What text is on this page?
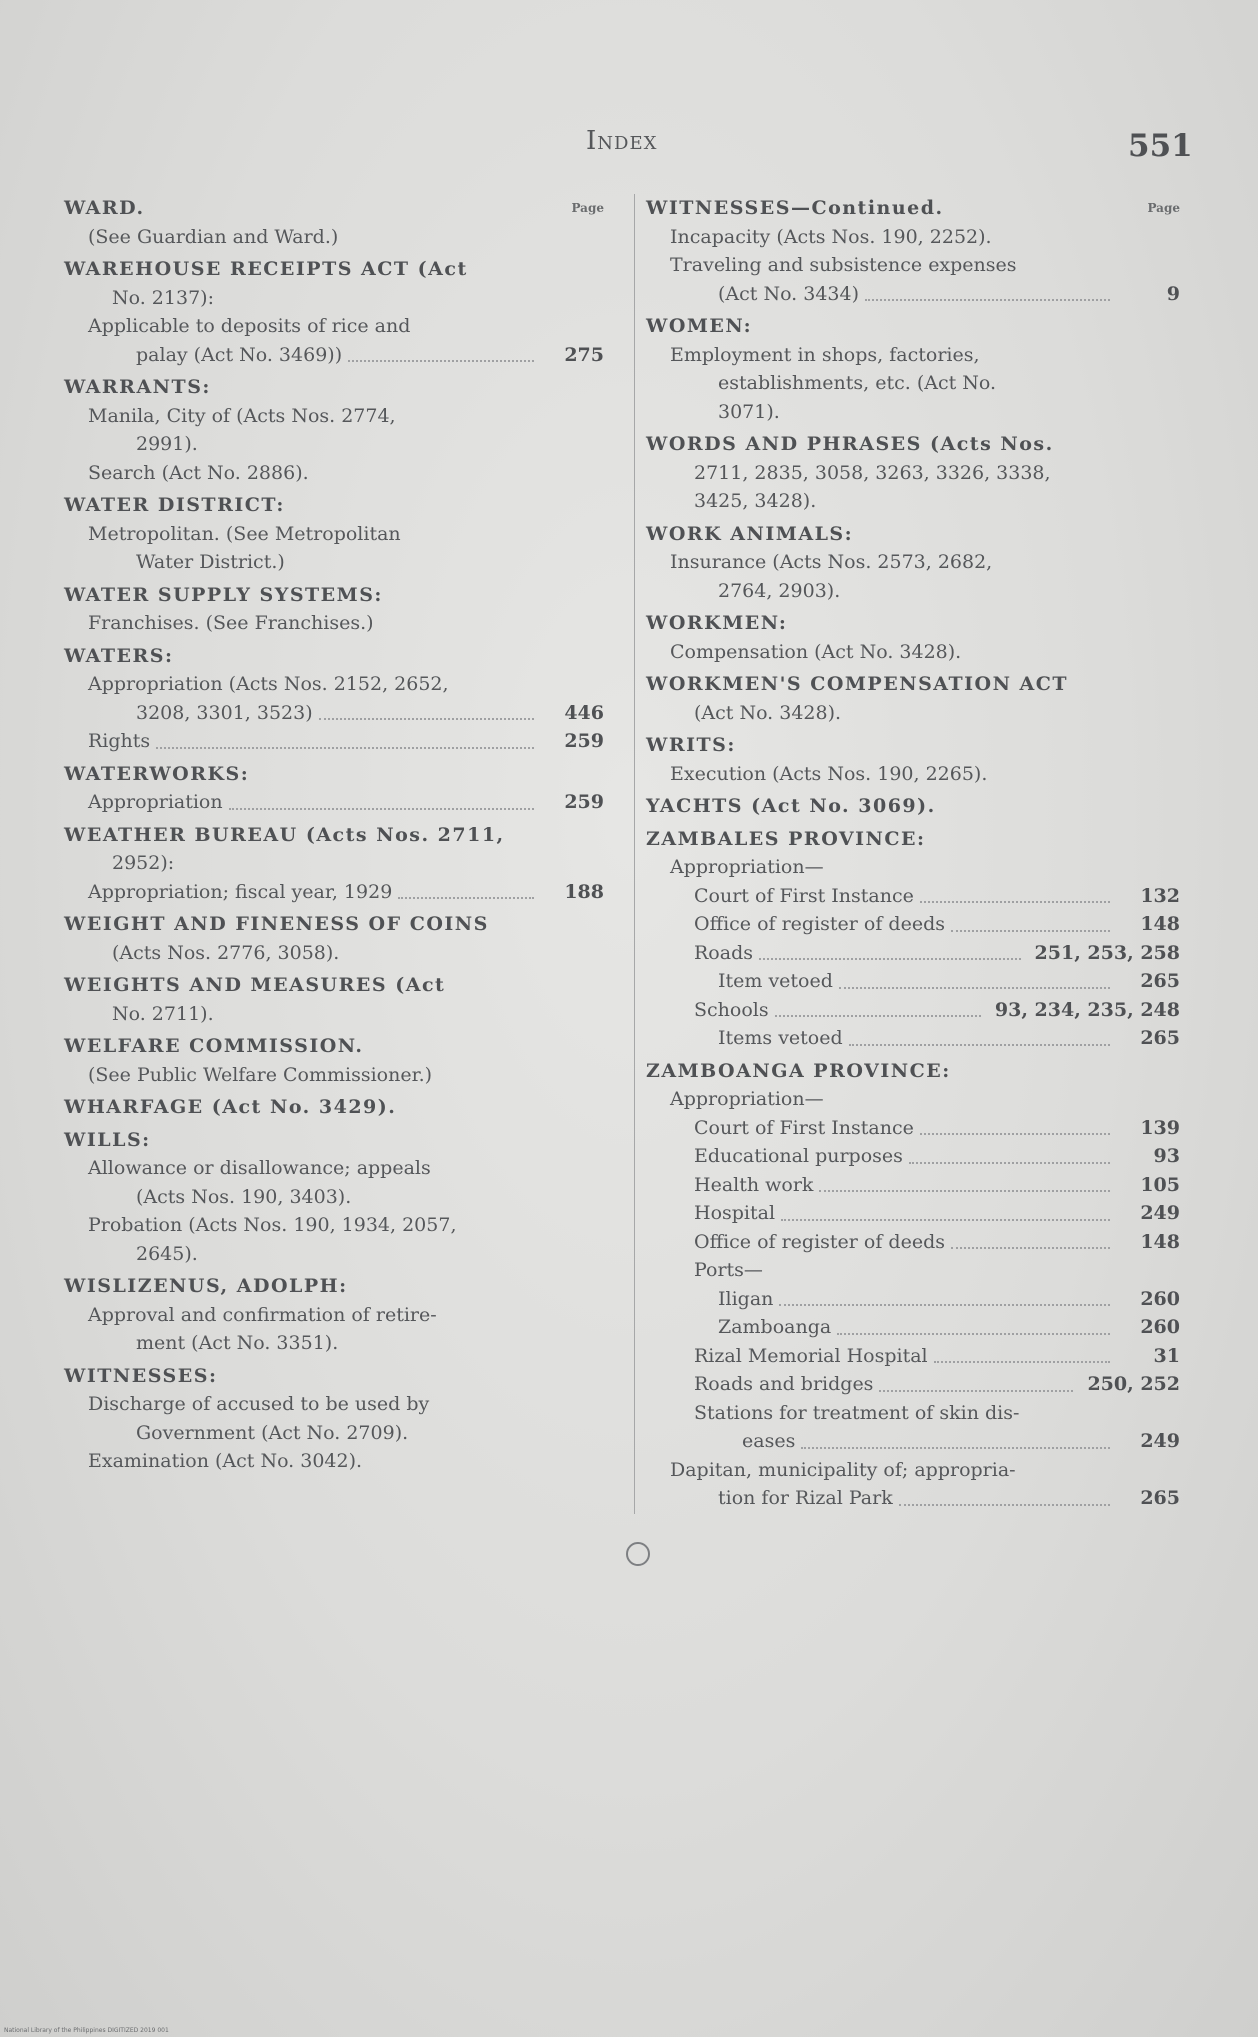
Index	551
Page
WARD.
(See Guardian and Ward.)
WAREHOUSE RECEIPTS ACT (Act
No. 2137):
Applicable to deposits of rice and
palay (Act No. 3469))	275
WARRANTS:
Manila, City of (Acts Nos. 2774,
2991).
Search (Act No. 2886).
WATER DISTRICT:
Metropolitan. (See Metropolitan
Water District.)
WATER SUPPLY SYSTEMS:
Franchises. (See Franchises.)
WATERS:
Appropriation (Acts Nos. 2152, 2652,
3208, 3301, 3523)	446
Rights	259
WATERWORKS:
Appropriation	259
WEATHER BUREAU (Acts Nos. 2711,
2952):
Appropriation; fiscal year, 1929	188
WEIGHT AND FINENESS OF COINS
(Acts Nos. 2776, 3058).
WEIGHTS AND MEASURES (Act
No. 2711).
WELFARE COMMISSION.
(See Public Welfare Commissioner.)
WHARFAGE (Act No. 3429).
WILLS:
Allowance or disallowance; appeals
(Acts Nos. 190, 3403).
Probation (Acts Nos. 190, 1934, 2057,
2645).
WISLIZENUS, ADOLPH:
Approval and confirmation of retire-
ment (Act No. 3351).
WITNESSES:
Discharge of accused to be used by
Government (Act No. 2709).
Examination (Act No. 3042).
Page
WITNESSES—Continued.
Incapacity (Acts Nos. 190, 2252).
Traveling and subsistence expenses
(Act No. 3434)	9
WOMEN:
Employment in shops, factories,
establishments, etc. (Act No.
3071).
WORDS AND PHRASES (Acts Nos.
2711, 2835, 3058, 3263, 3326, 3338,
3425, 3428).
WORK ANIMALS:
Insurance (Acts Nos. 2573, 2682,
2764, 2903).
WORKMEN:
Compensation (Act No. 3428).
WORKMEN'S COMPENSATION ACT
(Act No. 3428).
WRITS:
Execution (Acts Nos. 190, 2265).
YACHTS (Act No. 3069).
ZAMBALES PROVINCE:
Appropriation—
Court of First Instance	132
Office of register of deeds	148
Roads	251, 253, 258
Item vetoed	265
Schools	93, 234, 235, 248
Items vetoed	265
ZAMBOANGA PROVINCE:
Appropriation—
Court of First Instance	139
Educational purposes	93
Health work	105
Hospital	249
Office of register of deeds	148
Ports—
Iligan	260
Zamboanga	260
Rizal Memorial Hospital	31
Roads and bridges	250, 252
Stations for treatment of skin dis-
eases	249
Dapitan, municipality of; appropria-
tion for Rizal Park	265
National Library of the Philippines DIGITIZED 2019 001
